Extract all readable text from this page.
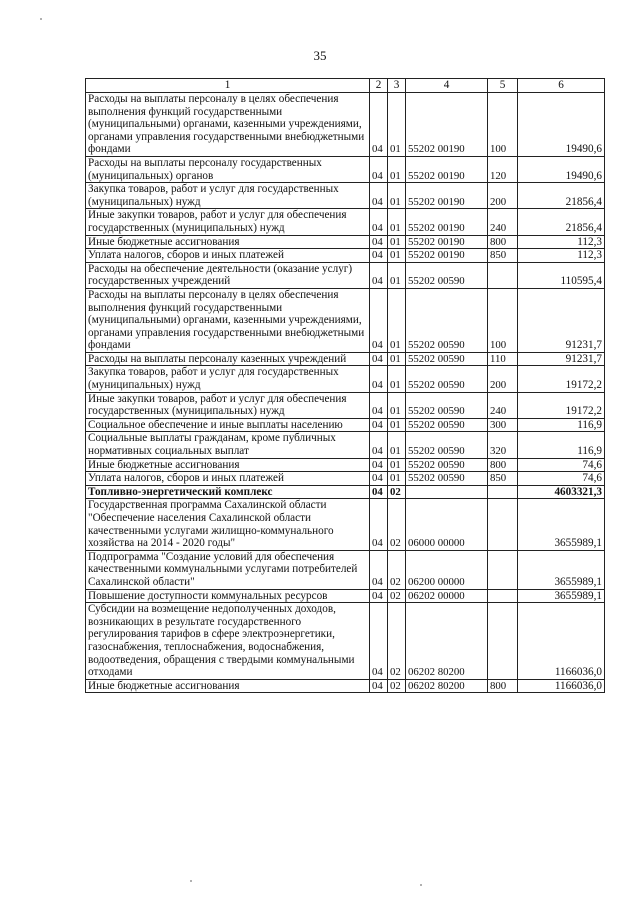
35
1	2	3	4	5	6
Расходы на выплаты персоналу в целях обеспечения выполнения функций государственными (муниципальными) органами, казенными учреждениями, органами управления государственными внебюджетными фондами	04	01	55202 00190	100	19490,6
Расходы на выплаты персоналу государственных (муниципальных) органов	04	01	55202 00190	120	19490,6
Закупка товаров, работ и услуг для государственных (муниципальных) нужд	04	01	55202 00190	200	21856,4
Иные закупки товаров, работ и услуг для обеспечения государственных (муниципальных) нужд	04	01	55202 00190	240	21856,4
Иные бюджетные ассигнования	04	01	55202 00190	800	112,3
Уплата налогов, сборов и иных платежей	04	01	55202 00190	850	112,3
Расходы на обеспечение деятельности (оказание услуг) государственных учреждений	04	01	55202 00590		110595,4
Расходы на выплаты персоналу в целях обеспечения выполнения функций государственными (муниципальными) органами, казенными учреждениями, органами управления государственными внебюджетными фондами	04	01	55202 00590	100	91231,7
Расходы на выплаты персоналу казенных учреждений	04	01	55202 00590	110	91231,7
Закупка товаров, работ и услуг для государственных (муниципальных) нужд	04	01	55202 00590	200	19172,2
Иные закупки товаров, работ и услуг для обеспечения государственных (муниципальных) нужд	04	01	55202 00590	240	19172,2
Социальное обеспечение и иные выплаты населению	04	01	55202 00590	300	116,9
Социальные выплаты гражданам, кроме публичных нормативных социальных выплат	04	01	55202 00590	320	116,9
Иные бюджетные ассигнования	04	01	55202 00590	800	74,6
Уплата налогов, сборов и иных платежей	04	01	55202 00590	850	74,6
Топливно-энергетический комплекс	04	02			4603321,3
Государственная программа Сахалинской области "Обеспечение населения Сахалинской области качественными услугами жилищно-коммунального хозяйства на 2014 - 2020 годы"	04	02	06000 00000		3655989,1
Подпрограмма "Создание условий для обеспечения качественными коммунальными услугами потребителей Сахалинской области"	04	02	06200 00000		3655989,1
Повышение доступности коммунальных ресурсов	04	02	06202 00000		3655989,1
Субсидии на возмещение недополученных доходов, возникающих в результате государственного регулирования тарифов в сфере электроэнергетики, газоснабжения, теплоснабжения, водоснабжения, водоотведения, обращения с твердыми коммунальными отходами	04	02	06202 80200		1166036,0
Иные бюджетные ассигнования	04	02	06202 80200	800	1166036,0
